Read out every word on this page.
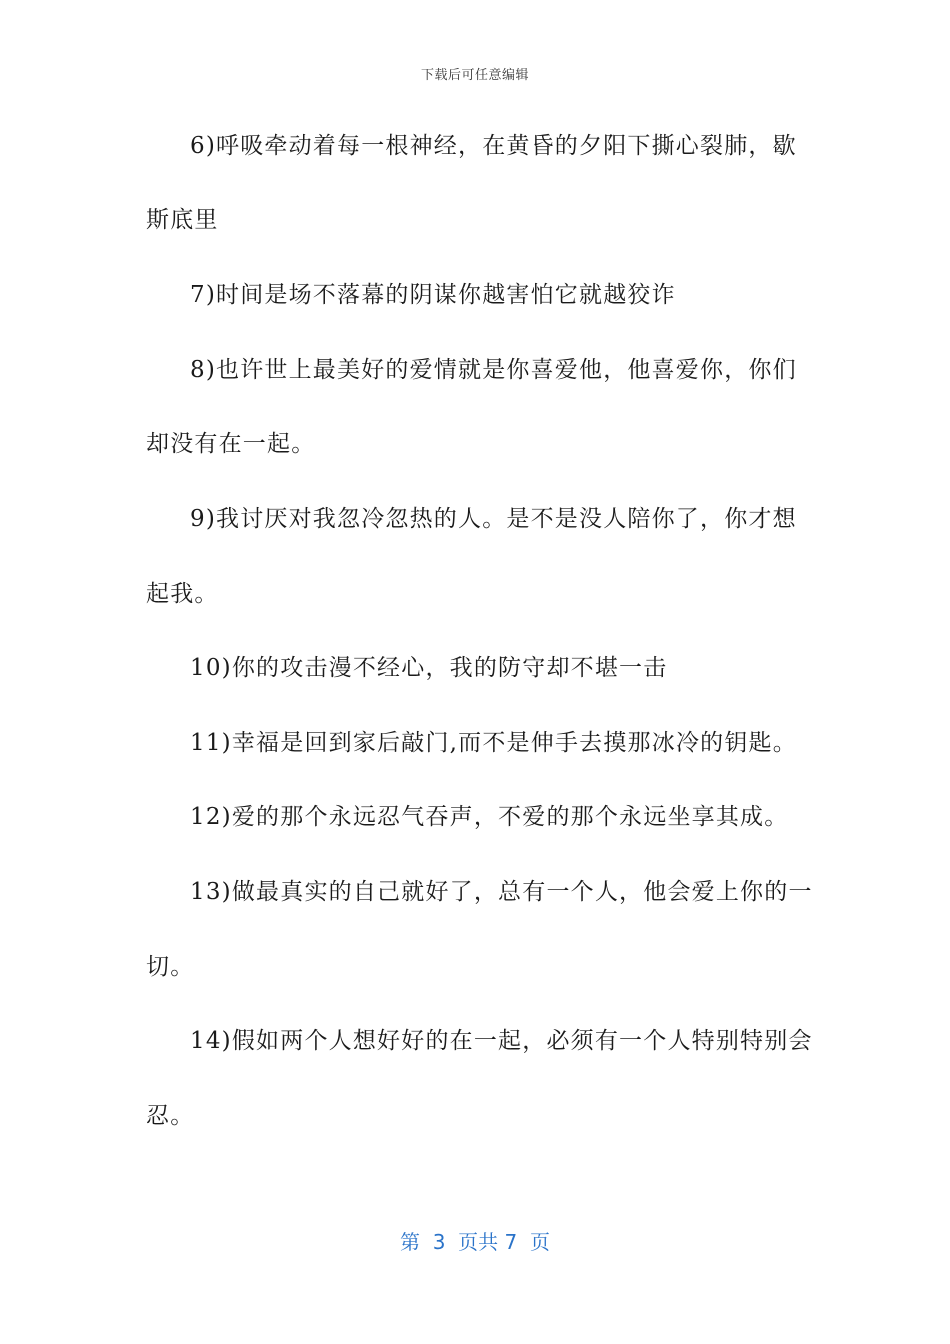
下载后可任意编辑
6)呼吸牵动着每一根神经，在黄昏的夕阳下撕心裂肺，歇
斯底里
7)时间是场不落幕的阴谋你越害怕它就越狡诈
8)也许世上最美好的爱情就是你喜爱他，他喜爱你，你们
却没有在一起。
9)我讨厌对我忽冷忽热的人。是不是没人陪你了，你才想
起我。
10)你的攻击漫不经心，我的防守却不堪一击
11)幸福是回到家后敲门,而不是伸手去摸那冰冷的钥匙。
12)爱的那个永远忍气吞声，不爱的那个永远坐享其成。
13)做最真实的自己就好了，总有一个人，他会爱上你的一
切。
14)假如两个人想好好的在一起，必须有一个人特别特别会
忍。
第  3  页共 7  页
